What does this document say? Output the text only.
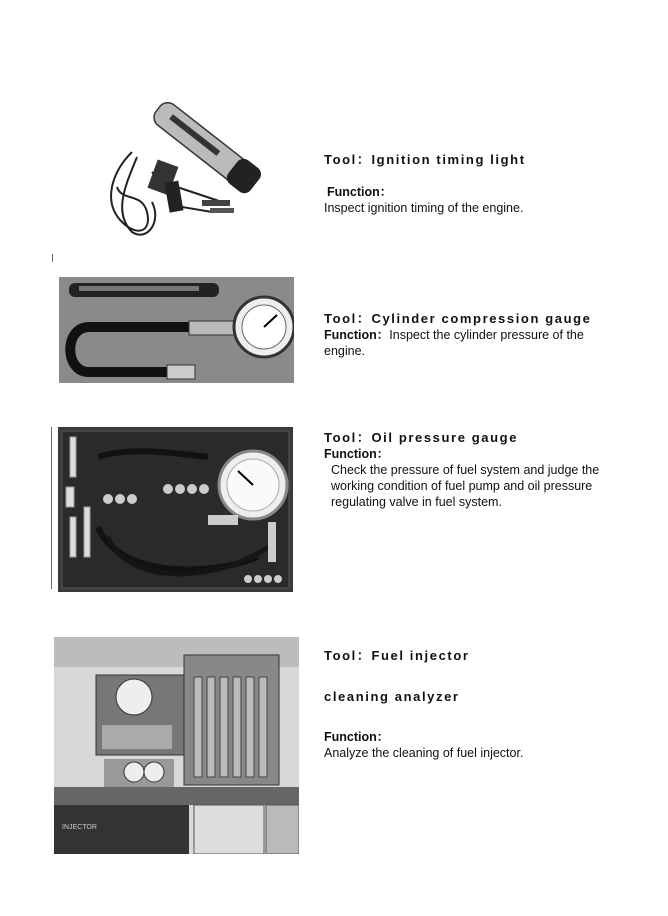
Tool：Ignition timing light
Function：
Inspect ignition timing of the engine.
Tool：Cylinder compression gauge
Function：Inspect the cylinder pressure of the engine.
Tool：Oil pressure gauge
Function：
Check the pressure of fuel system and judge the working condition of fuel pump and oil pressure regulating valve in fuel system.
INJECTOR
Tool：Fuel injector
cleaning analyzer
Function：
Analyze the cleaning of fuel injector.
